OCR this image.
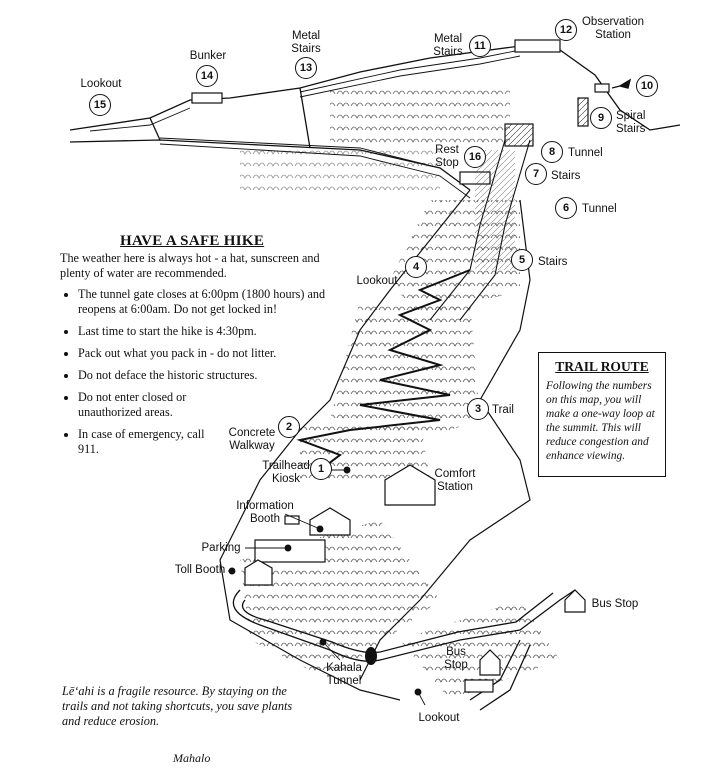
1
Trailhead Kiosk
2
Concrete Walkway
3 Trail
4
Lookout
5	Stairs
6	Tunnel
7	Stairs
8	Tunnel
9	Spiral Stairs
10
11
Metal Stairs
12
Observation Station
13
Metal Stairs
14
Bunker
15
Lookout
16
Rest Stop
Comfort Station
Information Booth
Parking
Toll Booth
Kahala Tunnel
Bus Stop
Bus Stop
Lookout
HAVE A SAFE HIKE

The weather here is always hot - a hat, sunscreen and plenty of water are recommended.

• The tunnel gate closes at 6:00pm (1800 hours) and reopens at 6:00am. Do not get locked in!
• Last time to start the hike is 4:30pm.
• Pack out what you pack in - do not litter.
• Do not deface the historic structures.
• Do not enter closed or unauthorized areas.
• In case of emergency, call 911.
TRAIL ROUTE

Following the numbers on this map, you will make a one-way loop at the summit. This will reduce congestion and enhance viewing.

Lē‘ahi is a fragile resource. By staying on the trails and not taking shortcuts, you save plants and reduce erosion.
Mahalo
